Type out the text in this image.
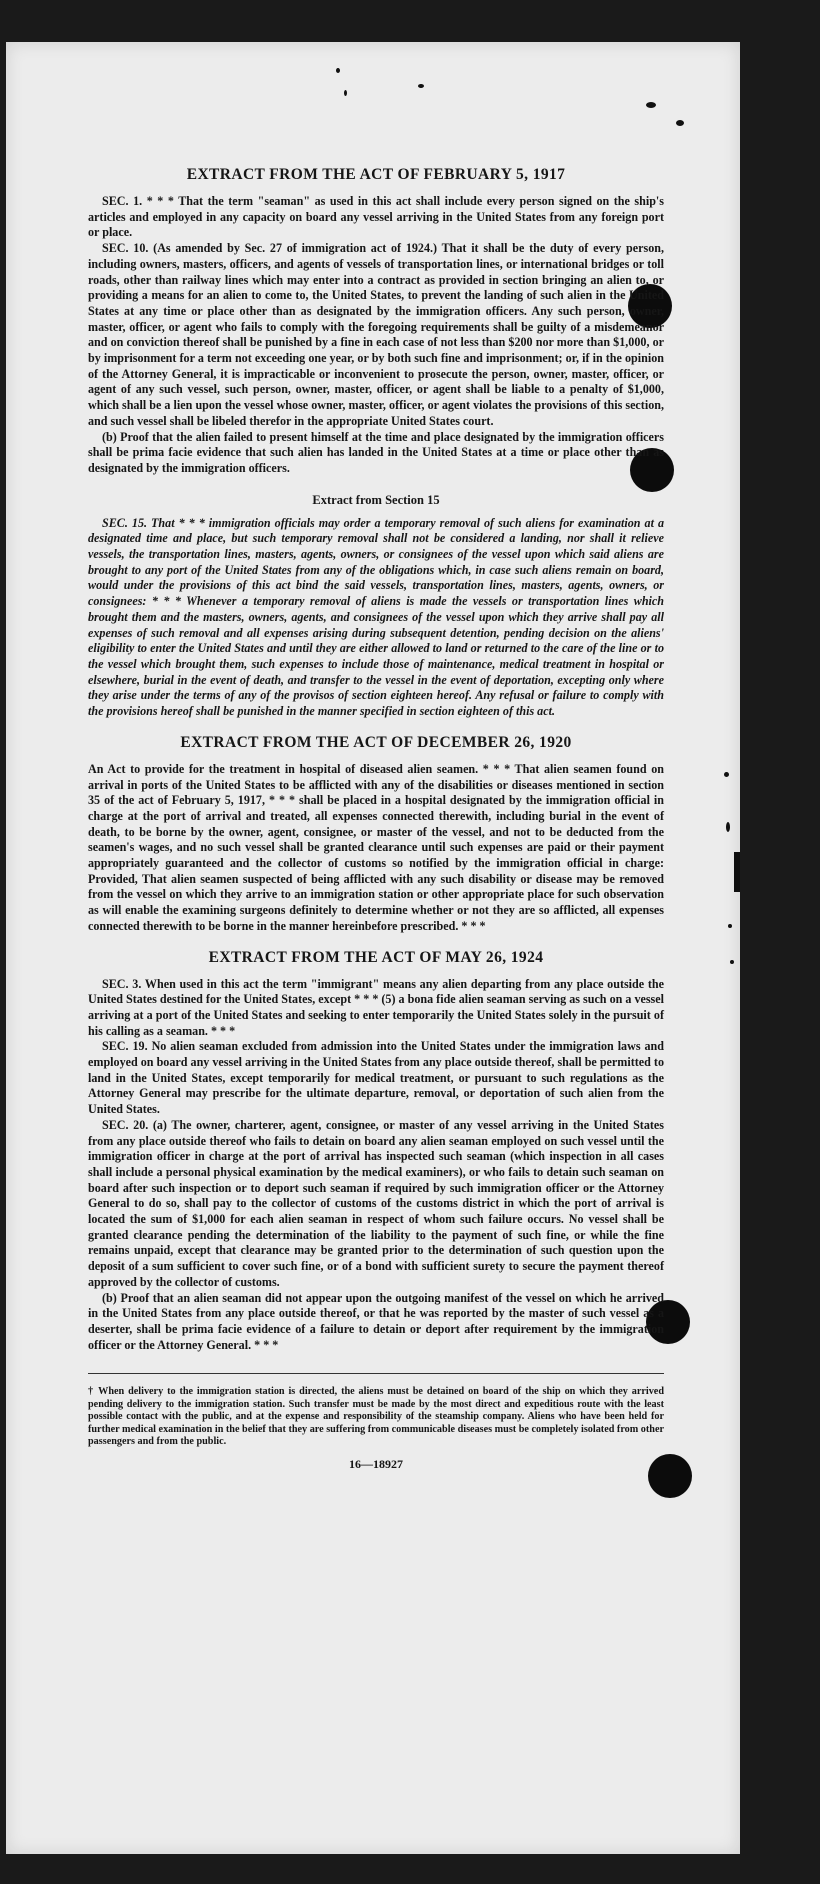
EXTRACT FROM THE ACT OF FEBRUARY 5, 1917

SEC. 1. * * * That the term "seaman" as used in this act shall include every person signed on the ship's articles and employed in any capacity on board any vessel arriving in the United States from any foreign port or place.

SEC. 10. (As amended by Sec. 27 of immigration act of 1924.) That it shall be the duty of every person, including owners, masters, officers, and agents of vessels of transportation lines, or international bridges or toll roads, other than railway lines which may enter into a contract as provided in section bringing an alien to, or providing a means for an alien to come to, the United States, to prevent the landing of such alien in the United States at any time or place other than as designated by the immigration officers. Any such person, owner, master, officer, or agent who fails to comply with the foregoing requirements shall be guilty of a misdemeanor and on conviction thereof shall be punished by a fine in each case of not less than $200 nor more than $1,000, or by imprisonment for a term not exceeding one year, or by both such fine and imprisonment; or, if in the opinion of the Attorney General, it is impracticable or inconvenient to prosecute the person, owner, master, officer, or agent of any such vessel, such person, owner, master, officer, or agent shall be liable to a penalty of $1,000, which shall be a lien upon the vessel whose owner, master, officer, or agent violates the provisions of this section, and such vessel shall be libeled therefor in the appropriate United States court.

(b) Proof that the alien failed to present himself at the time and place designated by the immigration officers shall be prima facie evidence that such alien has landed in the United States at a time or place other than as designated by the immigration officers.

Extract from Section 15

SEC. 15. That * * * immigration officials may order a temporary removal of such aliens for examination at a designated time and place, but such temporary removal shall not be considered a landing, nor shall it relieve vessels, the transportation lines, masters, agents, owners, or consignees of the vessel upon which said aliens are brought to any port of the United States from any of the obligations which, in case such aliens remain on board, would under the provisions of this act bind the said vessels, transportation lines, masters, agents, owners, or consignees: * * * Whenever a temporary removal of aliens is made the vessels or transportation lines which brought them and the masters, owners, agents, and consignees of the vessel upon which they arrive shall pay all expenses of such removal and all expenses arising during subsequent detention, pending decision on the aliens' eligibility to enter the United States and until they are either allowed to land or returned to the care of the line or to the vessel which brought them, such expenses to include those of maintenance, medical treatment in hospital or elsewhere, burial in the event of death, and transfer to the vessel in the event of deportation, excepting only where they arise under the terms of any of the provisos of section eighteen hereof. Any refusal or failure to comply with the provisions hereof shall be punished in the manner specified in section eighteen of this act.

EXTRACT FROM THE ACT OF DECEMBER 26, 1920

An Act to provide for the treatment in hospital of diseased alien seamen. * * * That alien seamen found on arrival in ports of the United States to be afflicted with any of the disabilities or diseases mentioned in section 35 of the act of February 5, 1917, * * * shall be placed in a hospital designated by the immigration official in charge at the port of arrival and treated, all expenses connected therewith, including burial in the event of death, to be borne by the owner, agent, consignee, or master of the vessel, and not to be deducted from the seamen's wages, and no such vessel shall be granted clearance until such expenses are paid or their payment appropriately guaranteed and the collector of customs so notified by the immigration official in charge: Provided, That alien seamen suspected of being afflicted with any such disability or disease may be removed from the vessel on which they arrive to an immigration station or other appropriate place for such observation as will enable the examining surgeons definitely to determine whether or not they are so afflicted, all expenses connected therewith to be borne in the manner hereinbefore prescribed. * * *

EXTRACT FROM THE ACT OF MAY 26, 1924

SEC. 3. When used in this act the term "immigrant" means any alien departing from any place outside the United States destined for the United States, except * * * (5) a bona fide alien seaman serving as such on a vessel arriving at a port of the United States and seeking to enter temporarily the United States solely in the pursuit of his calling as a seaman. * * *

SEC. 19. No alien seaman excluded from admission into the United States under the immigration laws and employed on board any vessel arriving in the United States from any place outside thereof, shall be permitted to land in the United States, except temporarily for medical treatment, or pursuant to such regulations as the Attorney General may prescribe for the ultimate departure, removal, or deportation of such alien from the United States.

SEC. 20. (a) The owner, charterer, agent, consignee, or master of any vessel arriving in the United States from any place outside thereof who fails to detain on board any alien seaman employed on such vessel until the immigration officer in charge at the port of arrival has inspected such seaman (which inspection in all cases shall include a personal physical examination by the medical examiners), or who fails to detain such seaman on board after such inspection or to deport such seaman if required by such immigration officer or the Attorney General to do so, shall pay to the collector of customs of the customs district in which the port of arrival is located the sum of $1,000 for each alien seaman in respect of whom such failure occurs. No vessel shall be granted clearance pending the determination of the liability to the payment of such fine, or while the fine remains unpaid, except that clearance may be granted prior to the determination of such question upon the deposit of a sum sufficient to cover such fine, or of a bond with sufficient surety to secure the payment thereof approved by the collector of customs.

(b) Proof that an alien seaman did not appear upon the outgoing manifest of the vessel on which he arrived in the United States from any place outside thereof, or that he was reported by the master of such vessel as a deserter, shall be prima facie evidence of a failure to detain or deport after requirement by the immigration officer or the Attorney General. * * *

† When delivery to the immigration station is directed, the aliens must be detained on board of the ship on which they arrived pending delivery to the immigration station. Such transfer must be made by the most direct and expeditious route with the least possible contact with the public, and at the expense and responsibility of the steamship company. Aliens who have been held for further medical examination in the belief that they are suffering from communicable diseases must be completely isolated from other passengers and from the public.

16—18927
